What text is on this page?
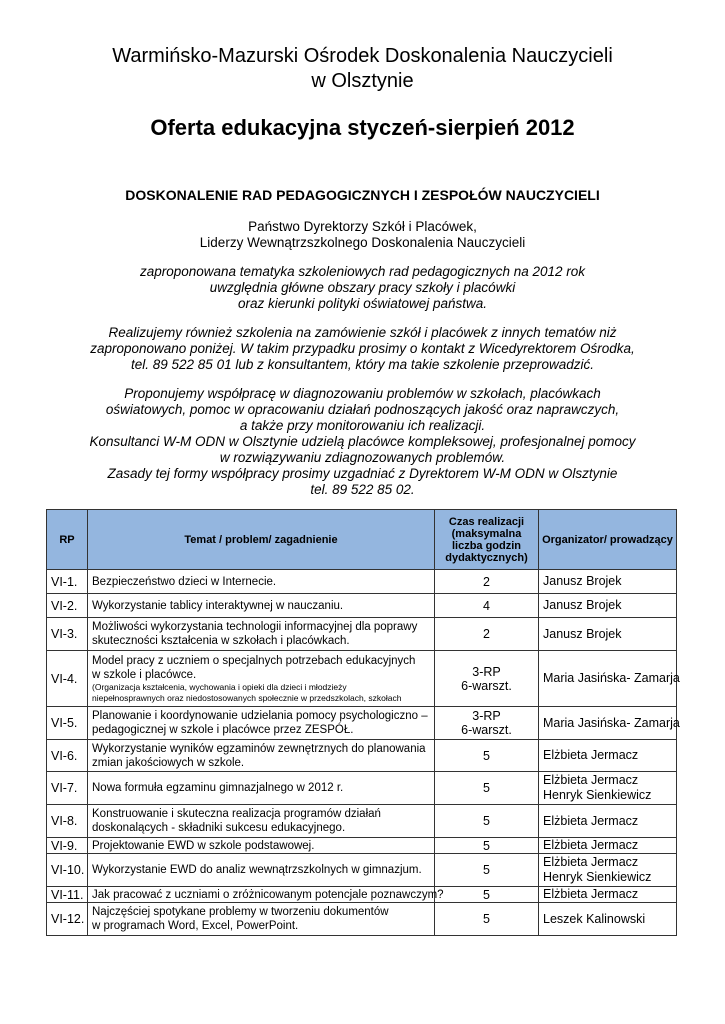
Warmińsko-Mazurski Ośrodek Doskonalenia Nauczycieli
w Olsztynie
Oferta edukacyjna styczeń-sierpień 2012
DOSKONALENIE RAD PEDAGOGICZNYCH I ZESPOŁÓW NAUCZYCIELI
Państwo Dyrektorzy Szkół i Placówek,
Liderzy Wewnątrzszkolnego Doskonalenia Nauczycieli
zaproponowana tematyka szkoleniowych rad pedagogicznych na 2012 rok
uwzględnia główne obszary pracy szkoły i placówki
oraz kierunki polityki oświatowej państwa.
Realizujemy również szkolenia na zamówienie szkół i placówek z innych tematów niż
zaproponowano poniżej. W takim przypadku prosimy o kontakt z Wicedyrektorem Ośrodka,
tel. 89 522 85 01 lub z konsultantem, który ma takie szkolenie przeprowadzić.
Proponujemy współpracę w diagnozowaniu problemów w szkołach, placówkach
oświatowych, pomoc w opracowaniu działań podnoszących jakość oraz naprawczych,
a także przy monitorowaniu ich realizacji.
Konsultanci W-M ODN w Olsztynie udzielą placówce kompleksowej, profesjonalnej pomocy
w rozwiązywaniu zdiagnozowanych problemów.
Zasady tej formy współpracy prosimy uzgadniać z Dyrektorem W-M ODN w Olsztynie
tel. 89 522 85 02.
RP	Temat / problem/ zagadnienie	Czas realizacji
(maksymalna
liczba godzin
dydaktycznych)	Organizator/ prowadzący

VI-1.	Bezpieczeństwo dzieci w Internecie.	2	Janusz Brojek

VI-2.	Wykorzystanie tablicy interaktywnej w nauczaniu.	4	Janusz Brojek

VI-3.	Możliwości wykorzystania technologii informacyjnej dla poprawy
skuteczności kształcenia w szkołach i placówkach.	2	Janusz Brojek

VI-4.	Model pracy z uczniem o specjalnych potrzebach edukacyjnych
w szkole i placówce.
(Organizacja kształcenia, wychowania i opieki dla dzieci i młodzieży
niepełnosprawnych oraz niedostosowanych społecznie w przedszkolach, szkołach	3-RP
6-warszt.	Maria Jasińska- Zamarja

VI-5.	Planowanie i koordynowanie udzielania pomocy psychologiczno –
pedagogicznej w szkole i placówce przez ZESPÓŁ.	3-RP
6-warszt.	Maria Jasińska- Zamarja

VI-6.	Wykorzystanie wyników egzaminów zewnętrznych do planowania
zmian jakościowych w szkole.	5	Elżbieta Jermacz

VI-7.	Nowa formuła egzaminu gimnazjalnego w 2012 r.	5	Elżbieta Jermacz
Henryk Sienkiewicz

VI-8.	Konstruowanie i skuteczna realizacja programów działań
doskonalących - składniki sukcesu edukacyjnego.	5	Elżbieta Jermacz

VI-9.	Projektowanie EWD w szkole podstawowej.	5	Elżbieta Jermacz

VI-10.	Wykorzystanie EWD do analiz wewnątrzszkolnych w gimnazjum.	5	Elżbieta Jermacz
Henryk Sienkiewicz

VI-11.	Jak pracować z uczniami o zróżnicowanym potencjale poznawczym?	5	Elżbieta Jermacz

VI-12.	Najczęściej spotykane problemy w tworzeniu dokumentów
w programach Word, Excel, PowerPoint.	5	Leszek Kalinowski
